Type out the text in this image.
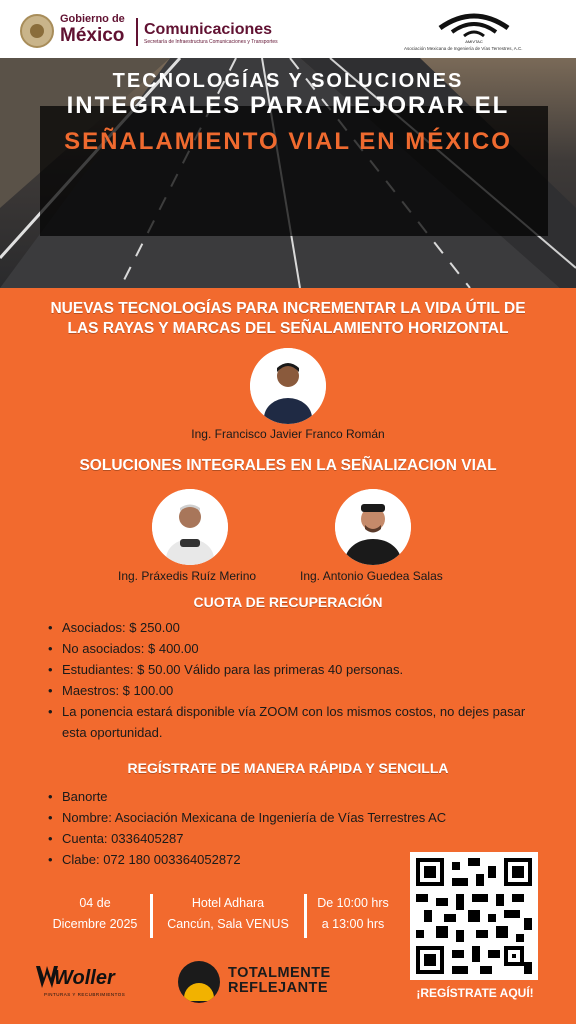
Gobierno de
México Comunicaciones
Secretaría de Infraestructura Comunicaciones y Transportes	AMIVTAC
Asociación Mexicana de Ingeniería de Vías Terrestres, A.C.
TECNOLOGÍAS Y SOLUCIONES
INTEGRALES PARA MEJORAR EL
SEÑALAMIENTO VIAL EN MÉXICO
NUEVAS TECNOLOGÍAS PARA INCREMENTAR LA VIDA ÚTIL DE
LAS RAYAS Y MARCAS DEL SEÑALAMIENTO HORIZONTAL
Ing. Francisco Javier Franco Román
SOLUCIONES INTEGRALES EN LA SEÑALIZACION VIAL
Ing. Práxedis Ruíz Merino	Ing. Antonio Guedea Salas
CUOTA DE RECUPERACIÓN
• Asociados: $ 250.00
• No asociados: $ 400.00
• Estudiantes: $ 50.00 Válido para las primeras 40 personas.
• Maestros: $ 100.00
• La ponencia estará disponible vía ZOOM con los mismos costos, no dejes pasar esta oportunidad.
REGÍSTRATE DE MANERA RÁPIDA Y SENCILLA
• Banorte
• Nombre: Asociación Mexicana de Ingeniería de Vías Terrestres AC
• Cuenta: 0336405287
• Clabe: 072 180 003364052872
04 de
Dicembre 2025
Hotel Adhara
Cancún, Sala VENUS
De 10:00 hrs
a 13:00 hrs
¡REGÍSTRATE AQUÍ!
Woller
PINTURAS Y RECUBRIMIENTOS
TOTALMENTE
REFLEJANTE
